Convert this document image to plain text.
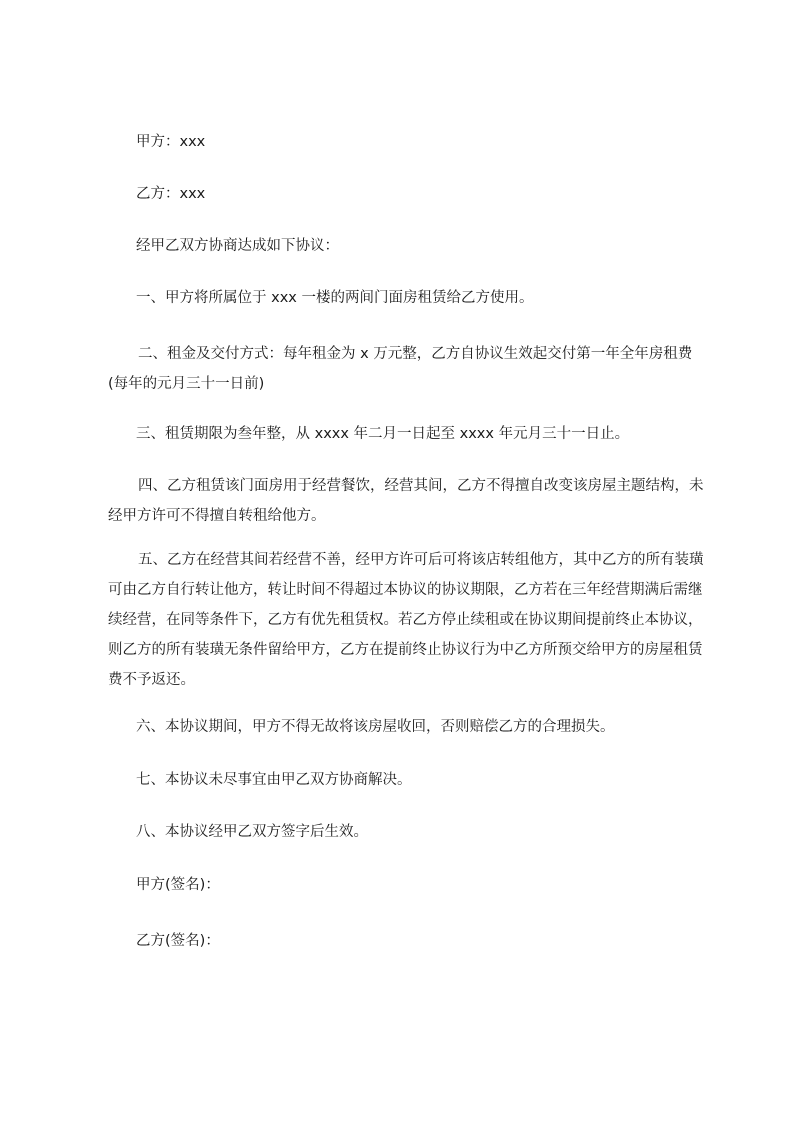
甲方：xxx
乙方：xxx
经甲乙双方协商达成如下协议：
一、甲方将所属位于 xxx 一楼的两间门面房租赁给乙方使用。
二、租金及交付方式：每年租金为 x 万元整，乙方自协议生效起交付第一年全年房租费(每年的元月三十一日前)
三、租赁期限为叁年整，从 xxxx 年二月一日起至 xxxx 年元月三十一日止。
四、乙方租赁该门面房用于经营餐饮，经营其间，乙方不得擅自改变该房屋主题结构，未经甲方许可不得擅自转租给他方。
五、乙方在经营其间若经营不善，经甲方许可后可将该店转组他方，其中乙方的所有装璜可由乙方自行转让他方，转让时间不得超过本协议的协议期限，乙方若在三年经营期满后需继续经营，在同等条件下，乙方有优先租赁权。若乙方停止续租或在协议期间提前终止本协议，则乙方的所有装璜无条件留给甲方，乙方在提前终止协议行为中乙方所预交给甲方的房屋租赁费不予返还。
六、本协议期间，甲方不得无故将该房屋收回，否则赔偿乙方的合理损失。
七、本协议未尽事宜由甲乙双方协商解决。
八、本协议经甲乙双方签字后生效。
甲方(签名)：
乙方(签名)：
